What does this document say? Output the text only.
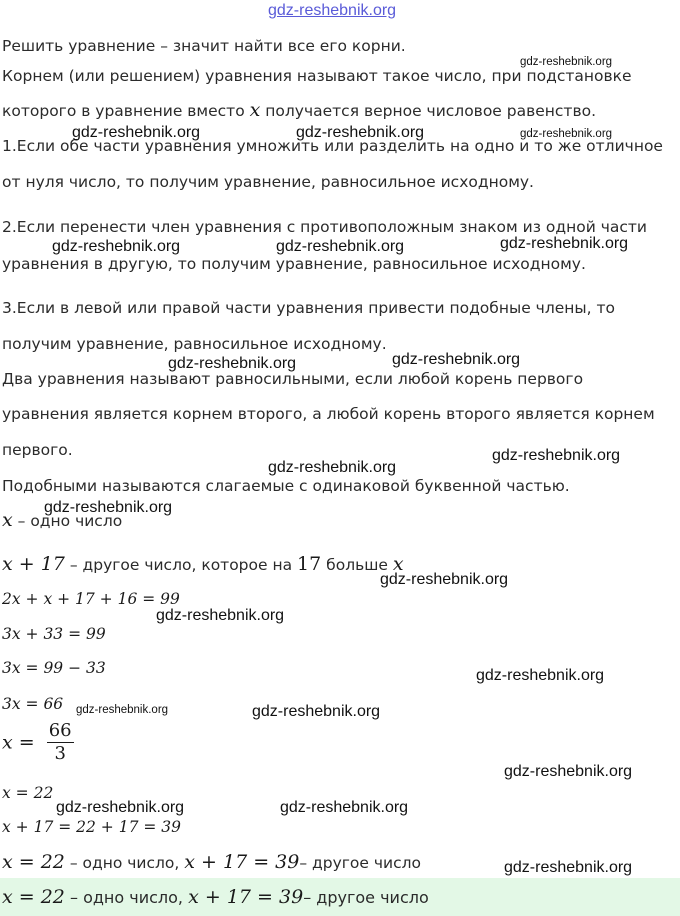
gdz-reshebnik.org
Решить уравнение – значит найти все его корни.
Корнем (или решением) уравнения называют такое число, при подстановке
которого в уравнение вместо x получается верное числовое равенство.
1.Если обе части уравнения умножить или разделить на одно и то же отличное
от нуля число, то получим уравнение, равносильное исходному.
2.Если перенести член уравнения с противоположным знаком из одной части
уравнения в другую, то получим уравнение, равносильное исходному.
3.Если в левой или правой части уравнения привести подобные члены, то
получим уравнение, равносильное исходному.
Два уравнения называют равносильными, если любой корень первого
уравнения является корнем второго, а любой корень второго является корнем
первого.
Подобными называются слагаемые с одинаковой буквенной частью.
x – одно число
x + 17 – другое число, которое на 17 больше x
2x + x + 17 + 16 = 99
3x + 33 = 99
3x = 99 − 33
3x = 66
$x = \frac{66}{3}$
x = 22
x + 17 = 22 + 17 = 39
x = 22 – одно число, x + 17 = 39– другое число
x = 22 – одно число, x + 17 = 39– другое число
gdz-reshebnik.org
gdz-reshebnik.org	gdz-reshebnik.org	gdz-reshebnik.org
gdz-reshebnik.org	gdz-reshebnik.org	gdz-reshebnik.org
gdz-reshebnik.org	gdz-reshebnik.org
gdz-reshebnik.org
gdz-reshebnik.org
gdz-reshebnik.org
gdz-reshebnik.org
gdz-reshebnik.org
gdz-reshebnik.org
gdz-reshebnik.org	gdz-reshebnik.org
gdz-reshebnik.org
gdz-reshebnik.org	gdz-reshebnik.org
gdz-reshebnik.org
